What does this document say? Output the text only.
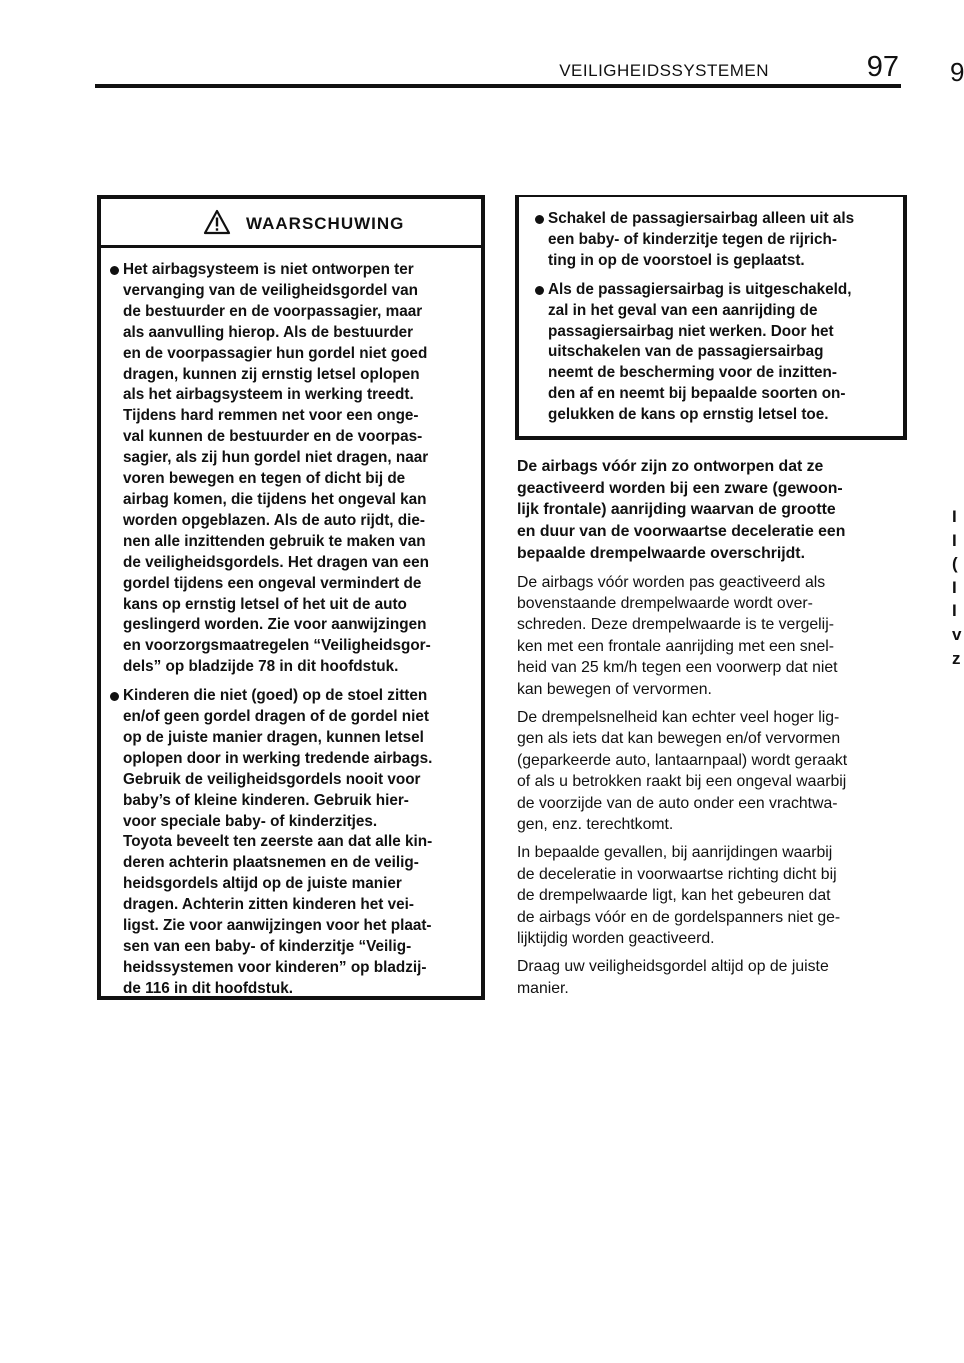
VEILIGHEIDSSYSTEMEN	97 9
I
I
(
I
I
v
z
WAARSCHUWING
Het airbagsysteem is niet ontworpen ter
vervanging van de veiligheidsgordel van
de bestuurder en de voorpassagier, maar
als aanvulling hierop. Als de bestuurder
en de voorpassagier hun gordel niet goed
dragen, kunnen zij ernstig letsel oplopen
als het airbagsysteem in werking treedt.
Tijdens hard remmen net voor een onge-
val kunnen de bestuurder en de voorpas-
sagier, als zij hun gordel niet dragen, naar
voren bewegen en tegen of dicht bij de
airbag komen, die tijdens het ongeval kan
worden opgeblazen. Als de auto rijdt, die-
nen alle inzittenden gebruik te maken van
de veiligheidsgordels. Het dragen van een
gordel tijdens een ongeval vermindert de
kans op ernstig letsel of het uit de auto
geslingerd worden. Zie voor aanwijzingen
en voorzorgsmaatregelen “Veiligheidsgor-
dels” op bladzijde 78 in dit hoofdstuk.
Kinderen die niet (goed) op de stoel zitten
en/of geen gordel dragen of de gordel niet
op de juiste manier dragen, kunnen letsel
oplopen door in werking tredende airbags.
Gebruik de veiligheidsgordels nooit voor
baby’s of kleine kinderen. Gebruik hier-
voor speciale baby- of kinderzitjes.
Toyota beveelt ten zeerste aan dat alle kin-
deren achterin plaatsnemen en de veilig-
heidsgordels altijd op de juiste manier
dragen. Achterin zitten kinderen het vei-
ligst. Zie voor aanwijzingen voor het plaat-
sen van een baby- of kinderzitje “Veilig-
heidssystemen voor kinderen” op bladzij-
de 116 in dit hoofdstuk.
Schakel de passagiersairbag alleen uit als
een baby- of kinderzitje tegen de rijrich-
ting in op de voorstoel is geplaatst.
Als de passagiersairbag is uitgeschakeld,
zal in het geval van een aanrijding de
passagiersairbag niet werken. Door het
uitschakelen van de passagiersairbag
neemt de bescherming voor de inzitten-
den af en neemt bij bepaalde soorten on-
gelukken de kans op ernstig letsel toe.
De airbags vóór zijn zo ontworpen dat ze
geactiveerd worden bij een zware (gewoon-
lijk frontale) aanrijding waarvan de grootte
en duur van de voorwaartse deceleratie een
bepaalde drempelwaarde overschrijdt.
De airbags vóór worden pas geactiveerd als
bovenstaande drempelwaarde wordt over-
schreden. Deze drempelwaarde is te vergelij-
ken met een frontale aanrijding met een snel-
heid van 25 km/h tegen een voorwerp dat niet
kan bewegen of vervormen.
De drempelsnelheid kan echter veel hoger lig-
gen als iets dat kan bewegen en/of vervormen
(geparkeerde auto, lantaarnpaal) wordt geraakt
of als u betrokken raakt bij een ongeval waarbij
de voorzijde van de auto onder een vrachtwa-
gen, enz. terechtkomt.
In bepaalde gevallen, bij aanrijdingen waarbij
de deceleratie in voorwaartse richting dicht bij
de drempelwaarde ligt, kan het gebeuren dat
de airbags vóór en de gordelspanners niet ge-
lijktijdig worden geactiveerd.
Draag uw veiligheidsgordel altijd op de juiste
manier.
